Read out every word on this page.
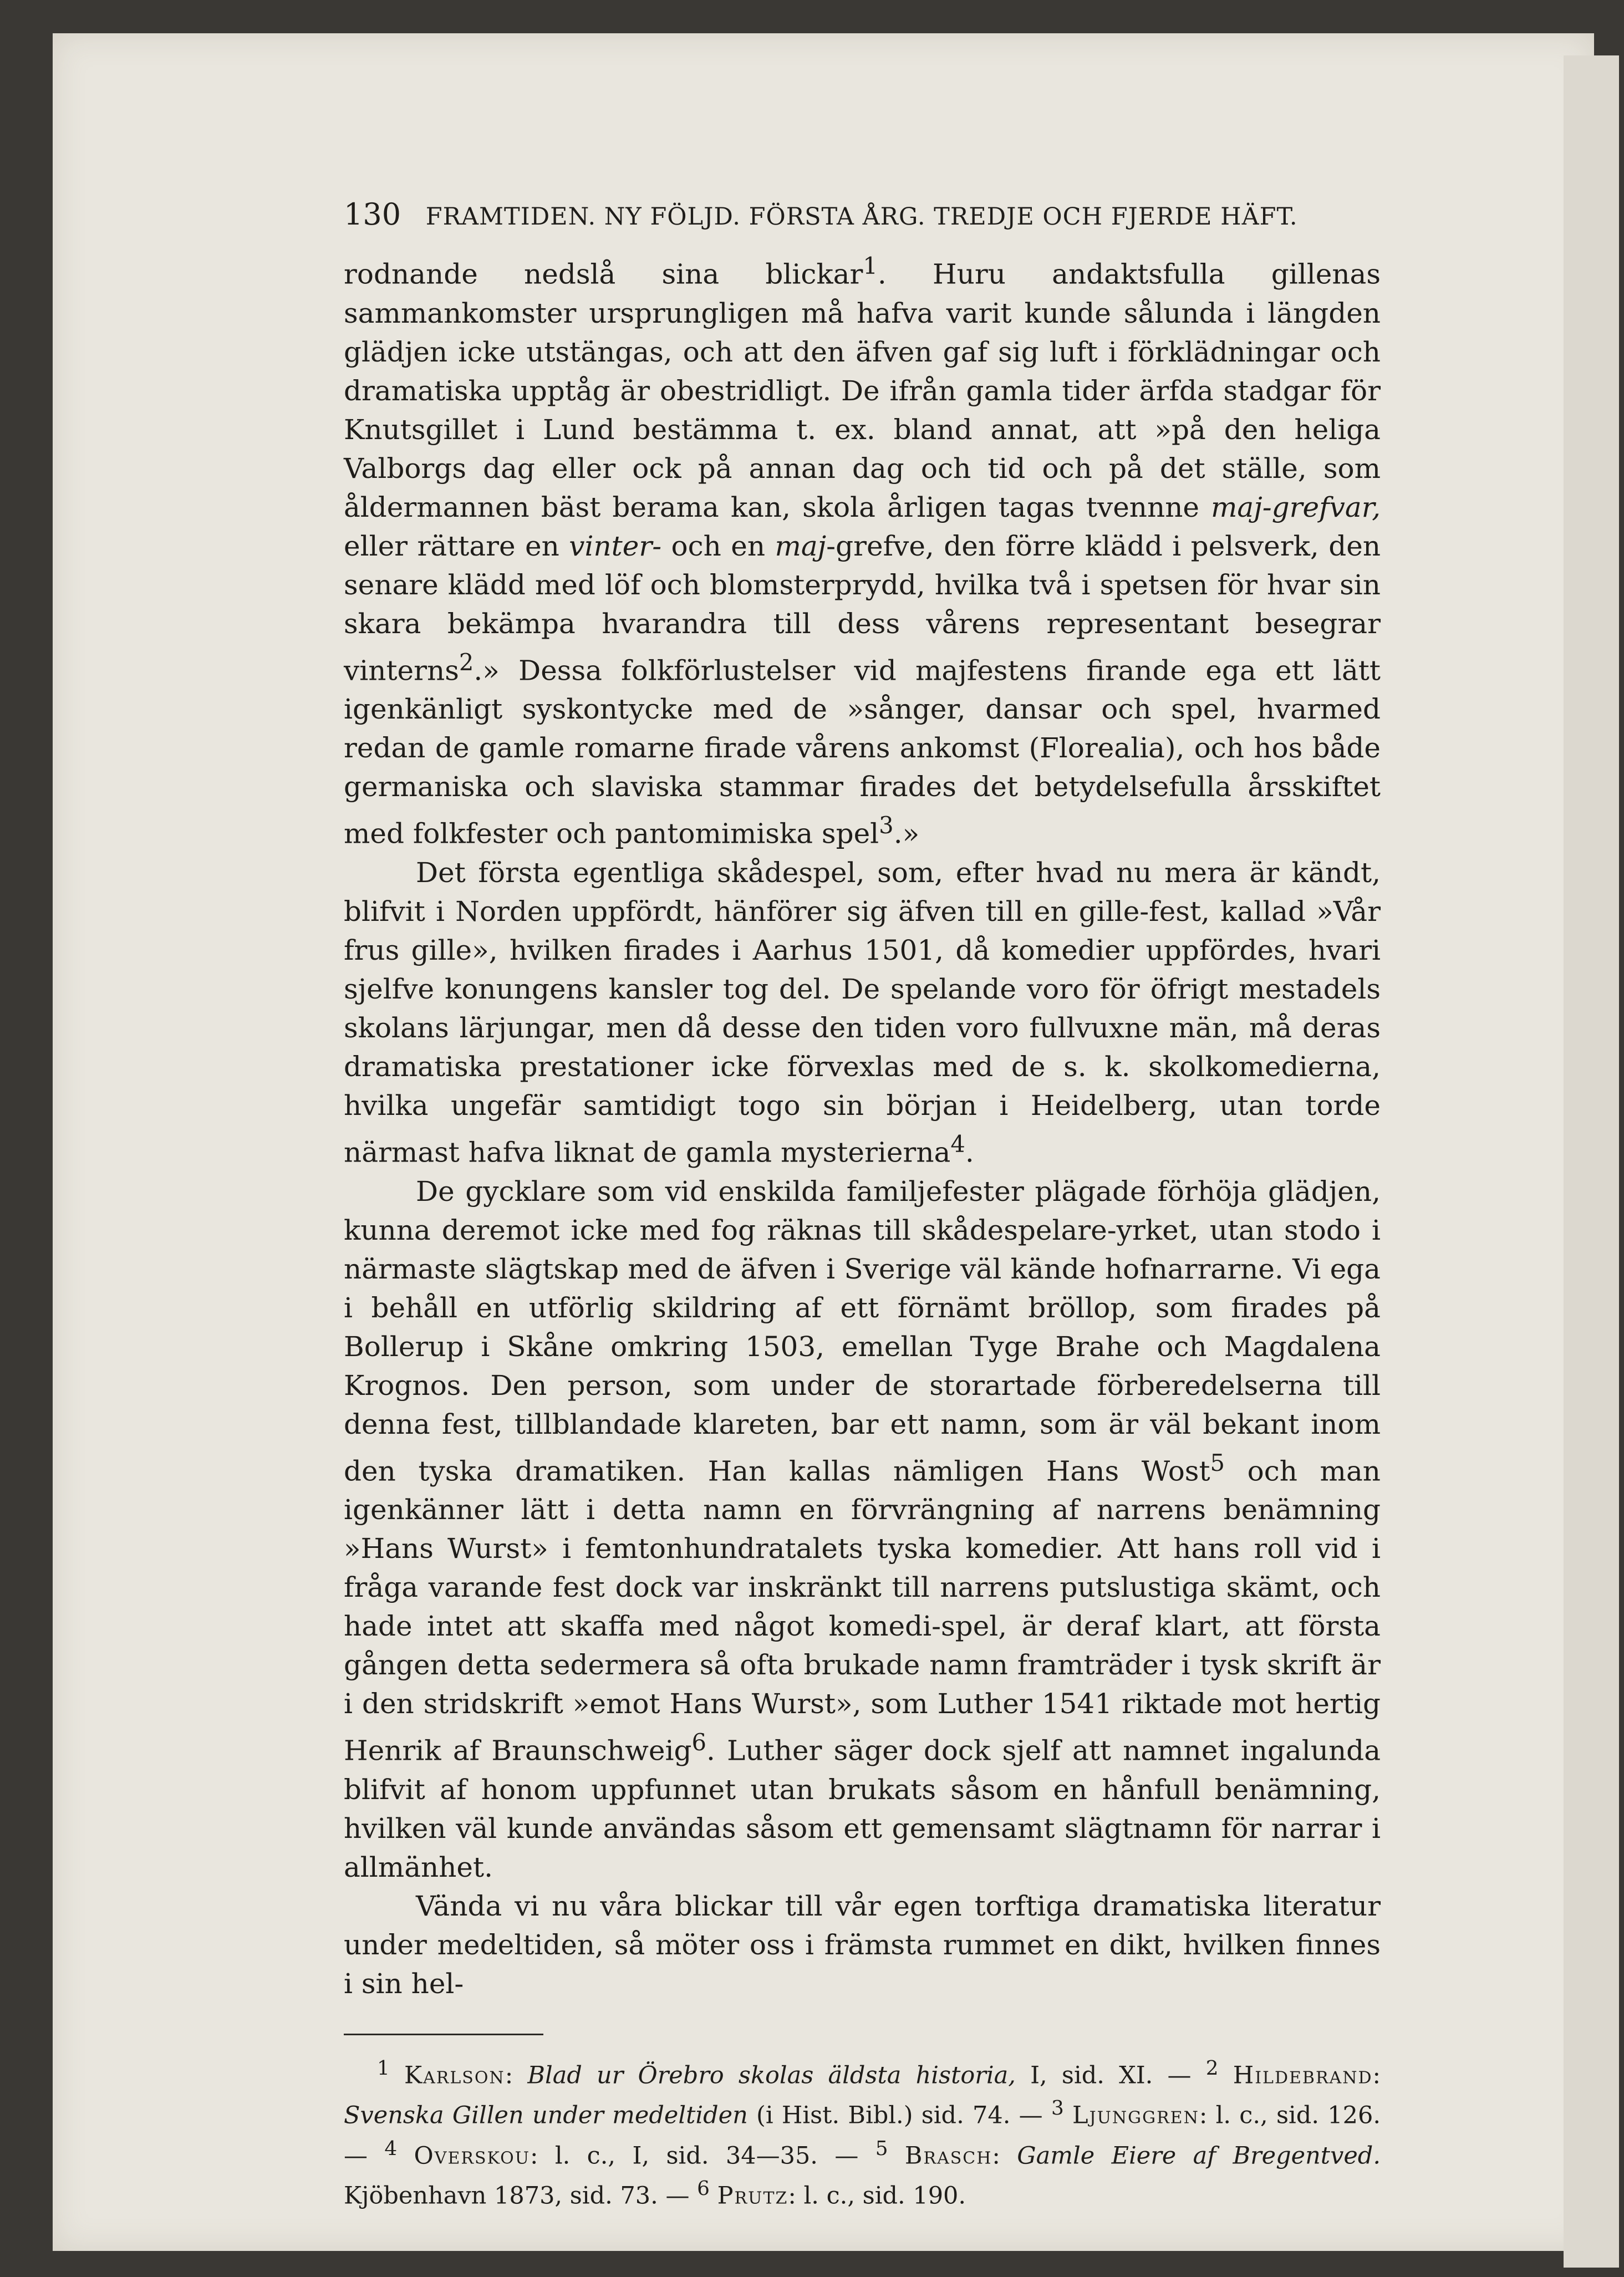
130 FRAMTIDEN. NY FÖLJD. FÖRSTA ÅRG. TREDJE OCH FJERDE HÄFT.

rodnande nedslå sina blickar$^1$. Huru andaktsfulla gillenas sammankomster ursprungligen må hafva varit kunde sålunda i längden glädjen icke utstängas, och att den äfven gaf sig luft i förklädningar och dramatiska upptåg är obestridligt. De ifrån gamla tider ärfda stadgar för Knutsgillet i Lund bestämma t. ex. bland annat, att »på den heliga Valborgs dag eller ock på annan dag och tid och på det ställe, som åldermannen bäst berama kan, skola årligen tagas tvennne maj-grefvar, eller rättare en vinter- och en maj-grefve, den förre klädd i pelsverk, den senare klädd med löf och blomsterprydd, hvilka två i spetsen för hvar sin skara bekämpa hvarandra till dess vårens representant besegrar vinterns$^2$.» Dessa folkförlustelser vid majfestens firande ega ett lätt igenkänligt syskontycke med de »sånger, dansar och spel, hvarmed redan de gamle romarne firade vårens ankomst (Florealia), och hos både germaniska och slaviska stammar firades det betydelsefulla årsskiftet med folkfester och pantomimiska spel$^3$.»

Det första egentliga skådespel, som, efter hvad nu mera är kändt, blifvit i Norden uppfördt, hänförer sig äfven till en gille-fest, kallad »Vår frus gille», hvilken firades i Aarhus 1501, då komedier uppfördes, hvari sjelfve konungens kansler tog del. De spelande voro för öfrigt mestadels skolans lärjungar, men då desse den tiden voro fullvuxne män, må deras dramatiska prestationer icke förvexlas med de s. k. skolkomedierna, hvilka ungefär samtidigt togo sin början i Heidelberg, utan torde närmast hafva liknat de gamla mysterierna$^4$.

De gycklare som vid enskilda familjefester plägade förhöja glädjen, kunna deremot icke med fog räknas till skådespelare-yrket, utan stodo i närmaste slägtskap med de äfven i Sverige väl kände hofnarrarne. Vi ega i behåll en utförlig skildring af ett förnämt bröllop, som firades på Bollerup i Skåne omkring 1503, emellan Tyge Brahe och Magdalena Krognos. Den person, som under de storartade förberedelserna till denna fest, tillblandade klareten, bar ett namn, som är väl bekant inom den tyska dramatiken. Han kallas nämligen Hans Wost$^5$ och man igenkänner lätt i detta namn en förvrängning af narrens benämning »Hans Wurst» i femtonhundratalets tyska komedier. Att hans roll vid i fråga varande fest dock var inskränkt till narrens putslustiga skämt, och hade intet att skaffa med något komedi-spel, är deraf klart, att första gången detta sedermera så ofta brukade namn framträder i tysk skrift är i den stridskrift »emot Hans Wurst», som Luther 1541 riktade mot hertig Henrik af Braunschweig$^6$. Luther säger dock sjelf att namnet ingalunda blifvit af honom uppfunnet utan brukats såsom en hånfull benämning, hvilken väl kunde användas såsom ett gemensamt slägtnamn för narrar i allmänhet.

Vända vi nu våra blickar till vår egen torftiga dramatiska literatur under medeltiden, så möter oss i främsta rummet en dikt, hvilken finnes i sin hel-

$^1$ Karlson: Blad ur Örebro skolas äldsta historia, I, sid. XI. — $^2$ Hildebrand: Svenska Gillen under medeltiden (i Hist. Bibl.) sid. 74. — $^3$ Ljunggren: l. c., sid. 126. — $^4$ Overskou: l. c., I, sid. 34—35. — $^5$ Brasch: Gamle Eiere af Bregentved. Kjöbenhavn 1873, sid. 73. — $^6$ Prutz: l. c., sid. 190.
